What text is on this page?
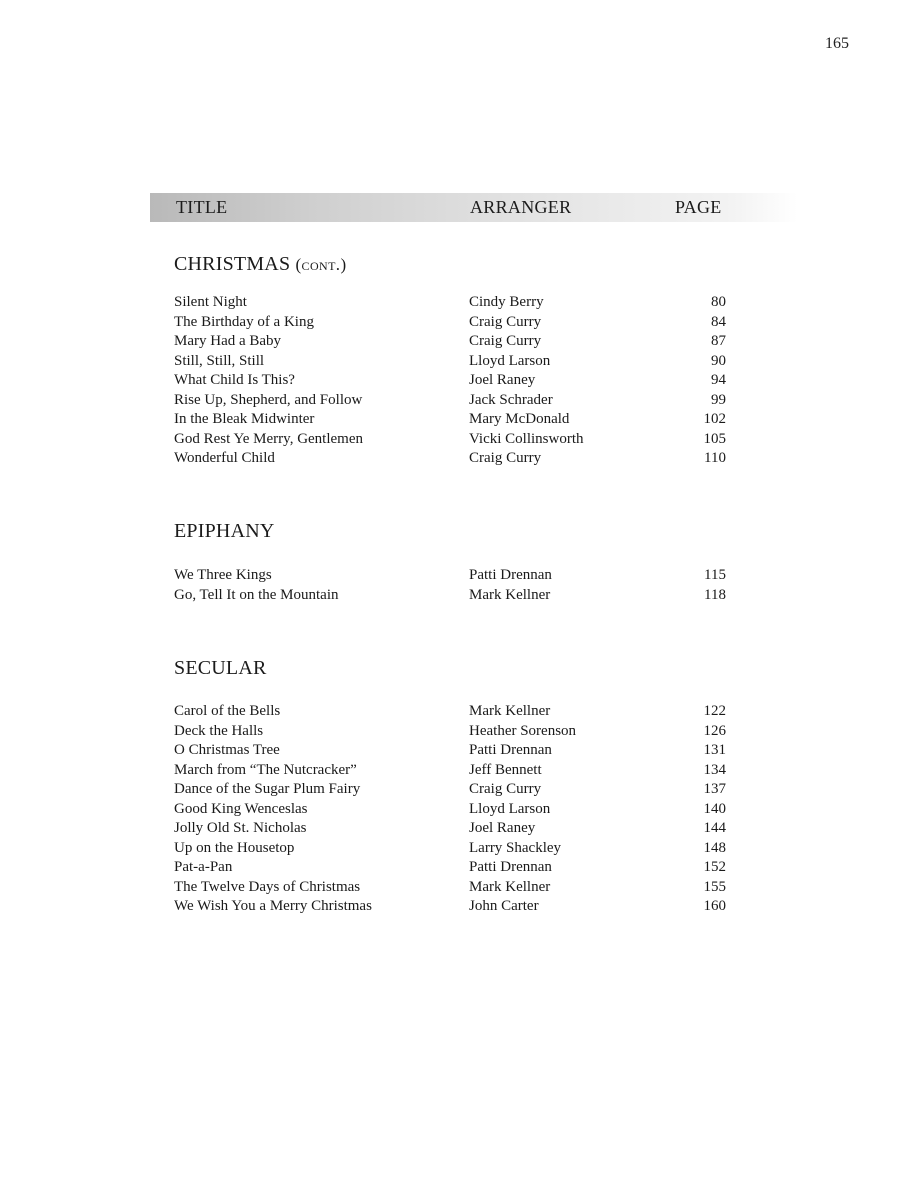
165
TITLE	ARRANGER	PAGE
CHRISTMAS (cont.)
Silent Night	Cindy Berry	80
The Birthday of a King	Craig Curry	84
Mary Had a Baby	Craig Curry	87
Still, Still, Still	Lloyd Larson	90
What Child Is This?	Joel Raney	94
Rise Up, Shepherd, and Follow	Jack Schrader	99
In the Bleak Midwinter	Mary McDonald	102
God Rest Ye Merry, Gentlemen	Vicki Collinsworth	105
Wonderful Child	Craig Curry	110
EPIPHANY
We Three Kings	Patti Drennan	115
Go, Tell It on the Mountain	Mark Kellner	118
SECULAR
Carol of the Bells	Mark Kellner	122
Deck the Halls	Heather Sorenson	126
O Christmas Tree	Patti Drennan	131
March from “The Nutcracker”	Jeff Bennett	134
Dance of the Sugar Plum Fairy	Craig Curry	137
Good King Wenceslas	Lloyd Larson	140
Jolly Old St. Nicholas	Joel Raney	144
Up on the Housetop	Larry Shackley	148
Pat-a-Pan	Patti Drennan	152
The Twelve Days of Christmas	Mark Kellner	155
We Wish You a Merry Christmas	John Carter	160
